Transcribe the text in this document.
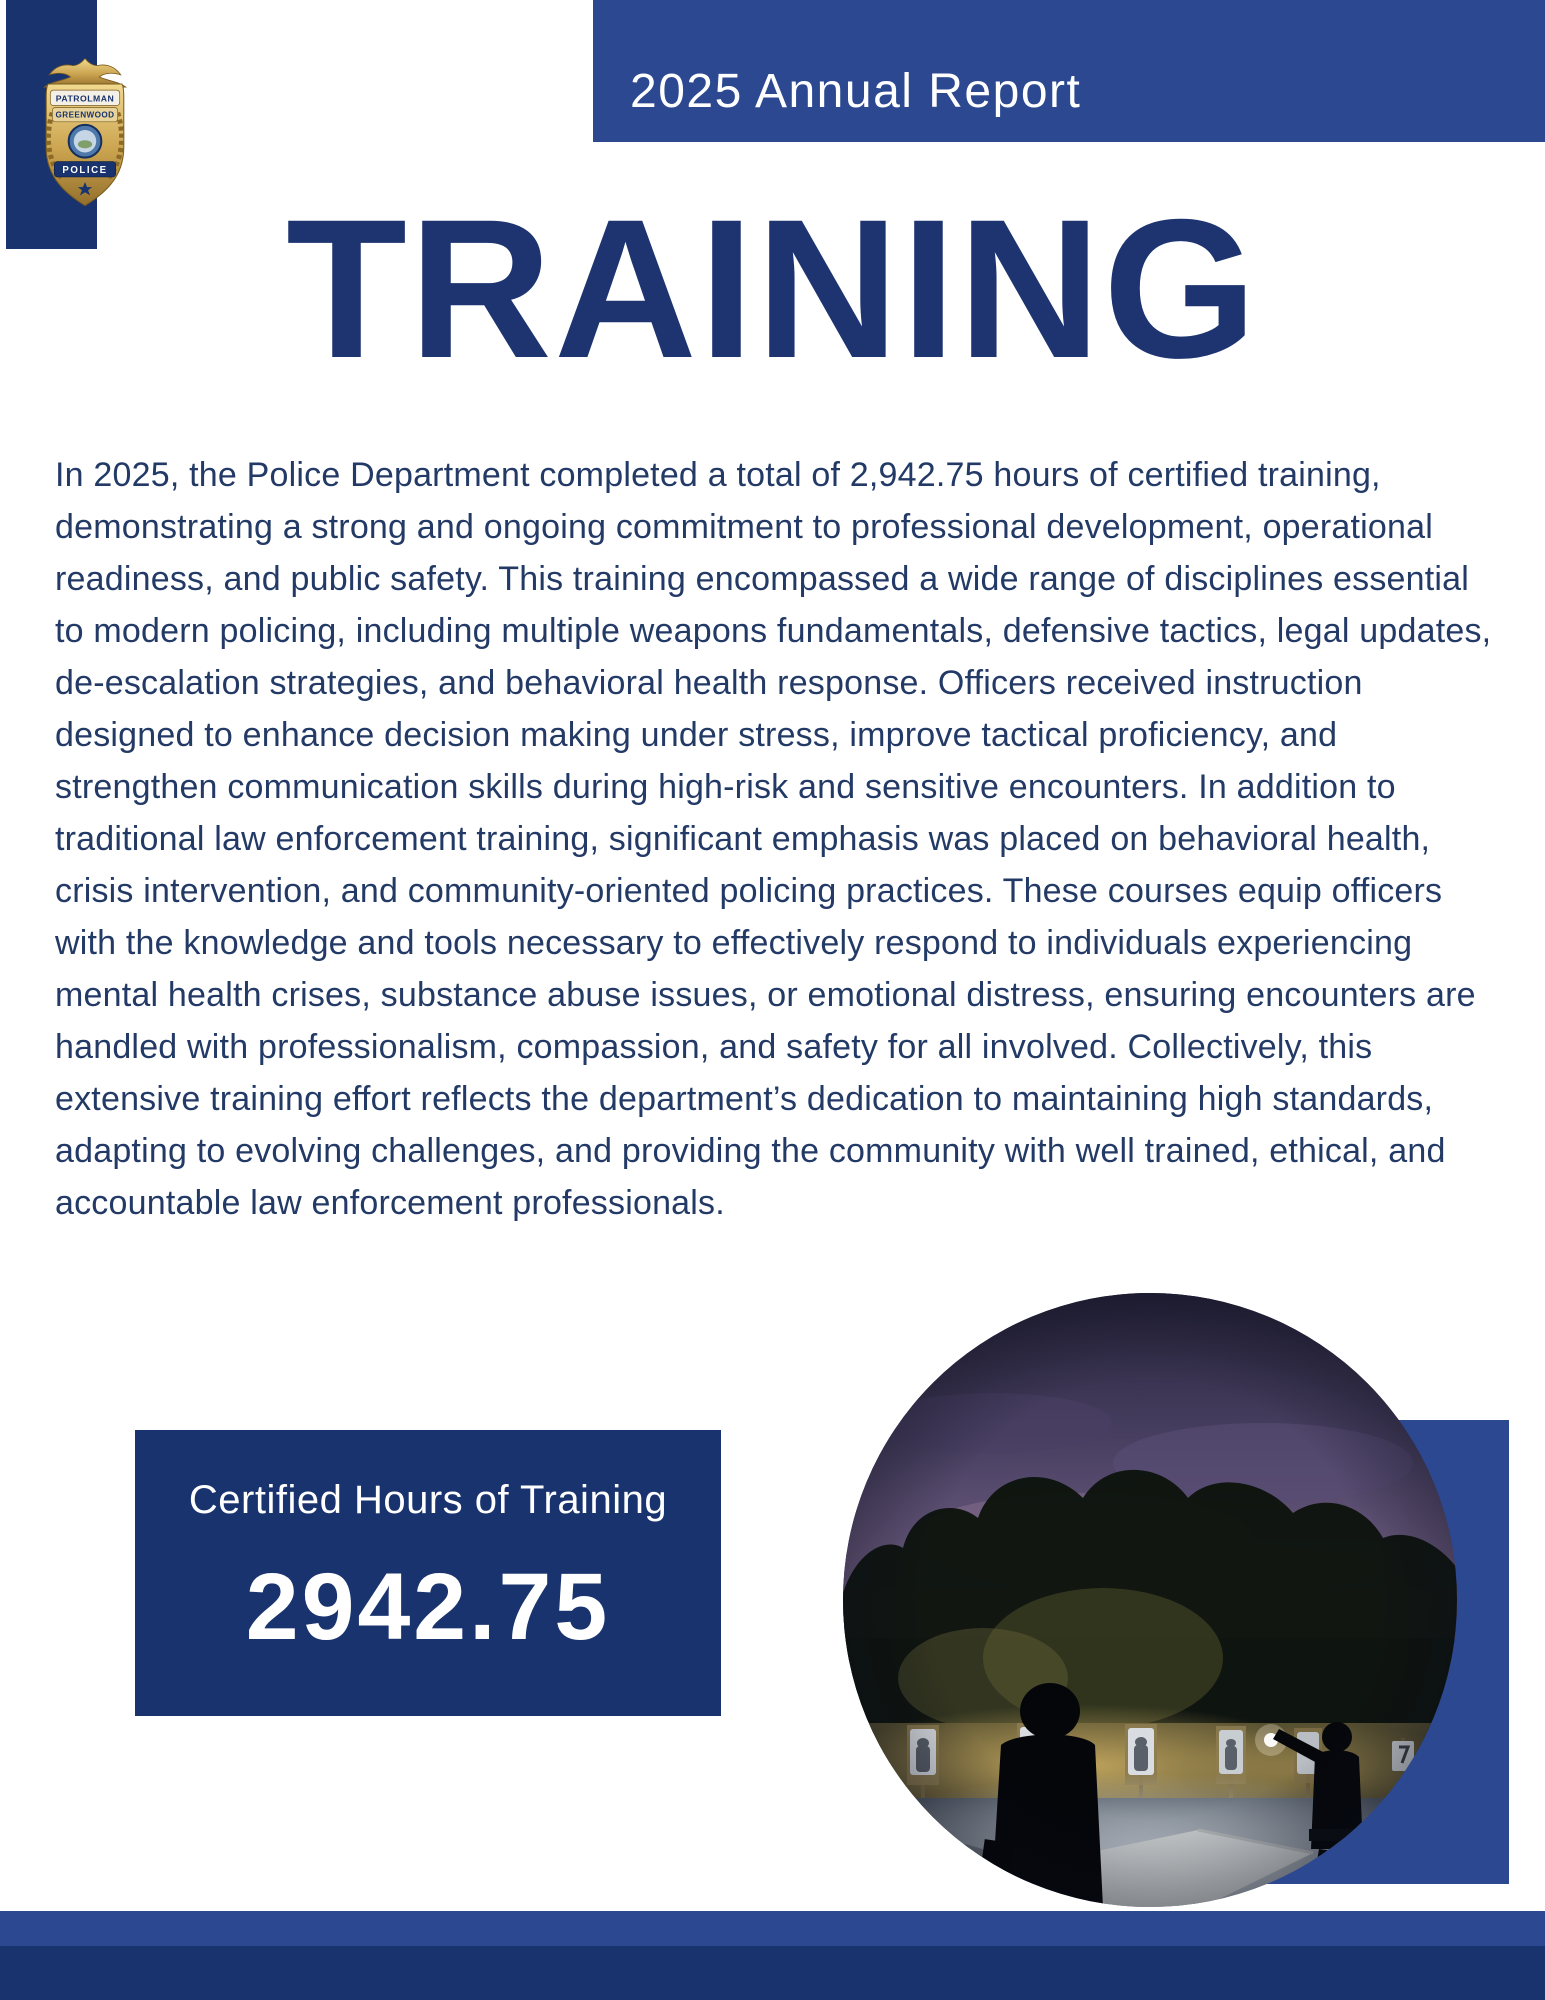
PATROLMAN
GREENWOOD
POLICE
2025 Annual Report
TRAINING
In 2025, the Police Department completed a total of 2,942.75 hours of certified training, demonstrating a strong and ongoing commitment to professional development, operational readiness, and public safety. This training encompassed a wide range of disciplines essential to modern policing, including multiple weapons fundamentals, defensive tactics, legal updates, de-escalation strategies, and behavioral health response. Officers received instruction designed to enhance decision making under stress, improve tactical proficiency, and strengthen communication skills during high-risk and sensitive encounters. In addition to traditional law enforcement training, significant emphasis was placed on behavioral health, crisis intervention, and community-oriented policing practices. These courses equip officers with the knowledge and tools necessary to effectively respond to individuals experiencing mental health crises, substance abuse issues, or emotional distress, ensuring encounters are handled with professionalism, compassion, and safety for all involved. Collectively, this extensive training effort reflects the department’s dedication to maintaining high standards, adapting to evolving challenges, and providing the community with well trained, ethical, and accountable law enforcement professionals.
Certified Hours of Training
2942.75
